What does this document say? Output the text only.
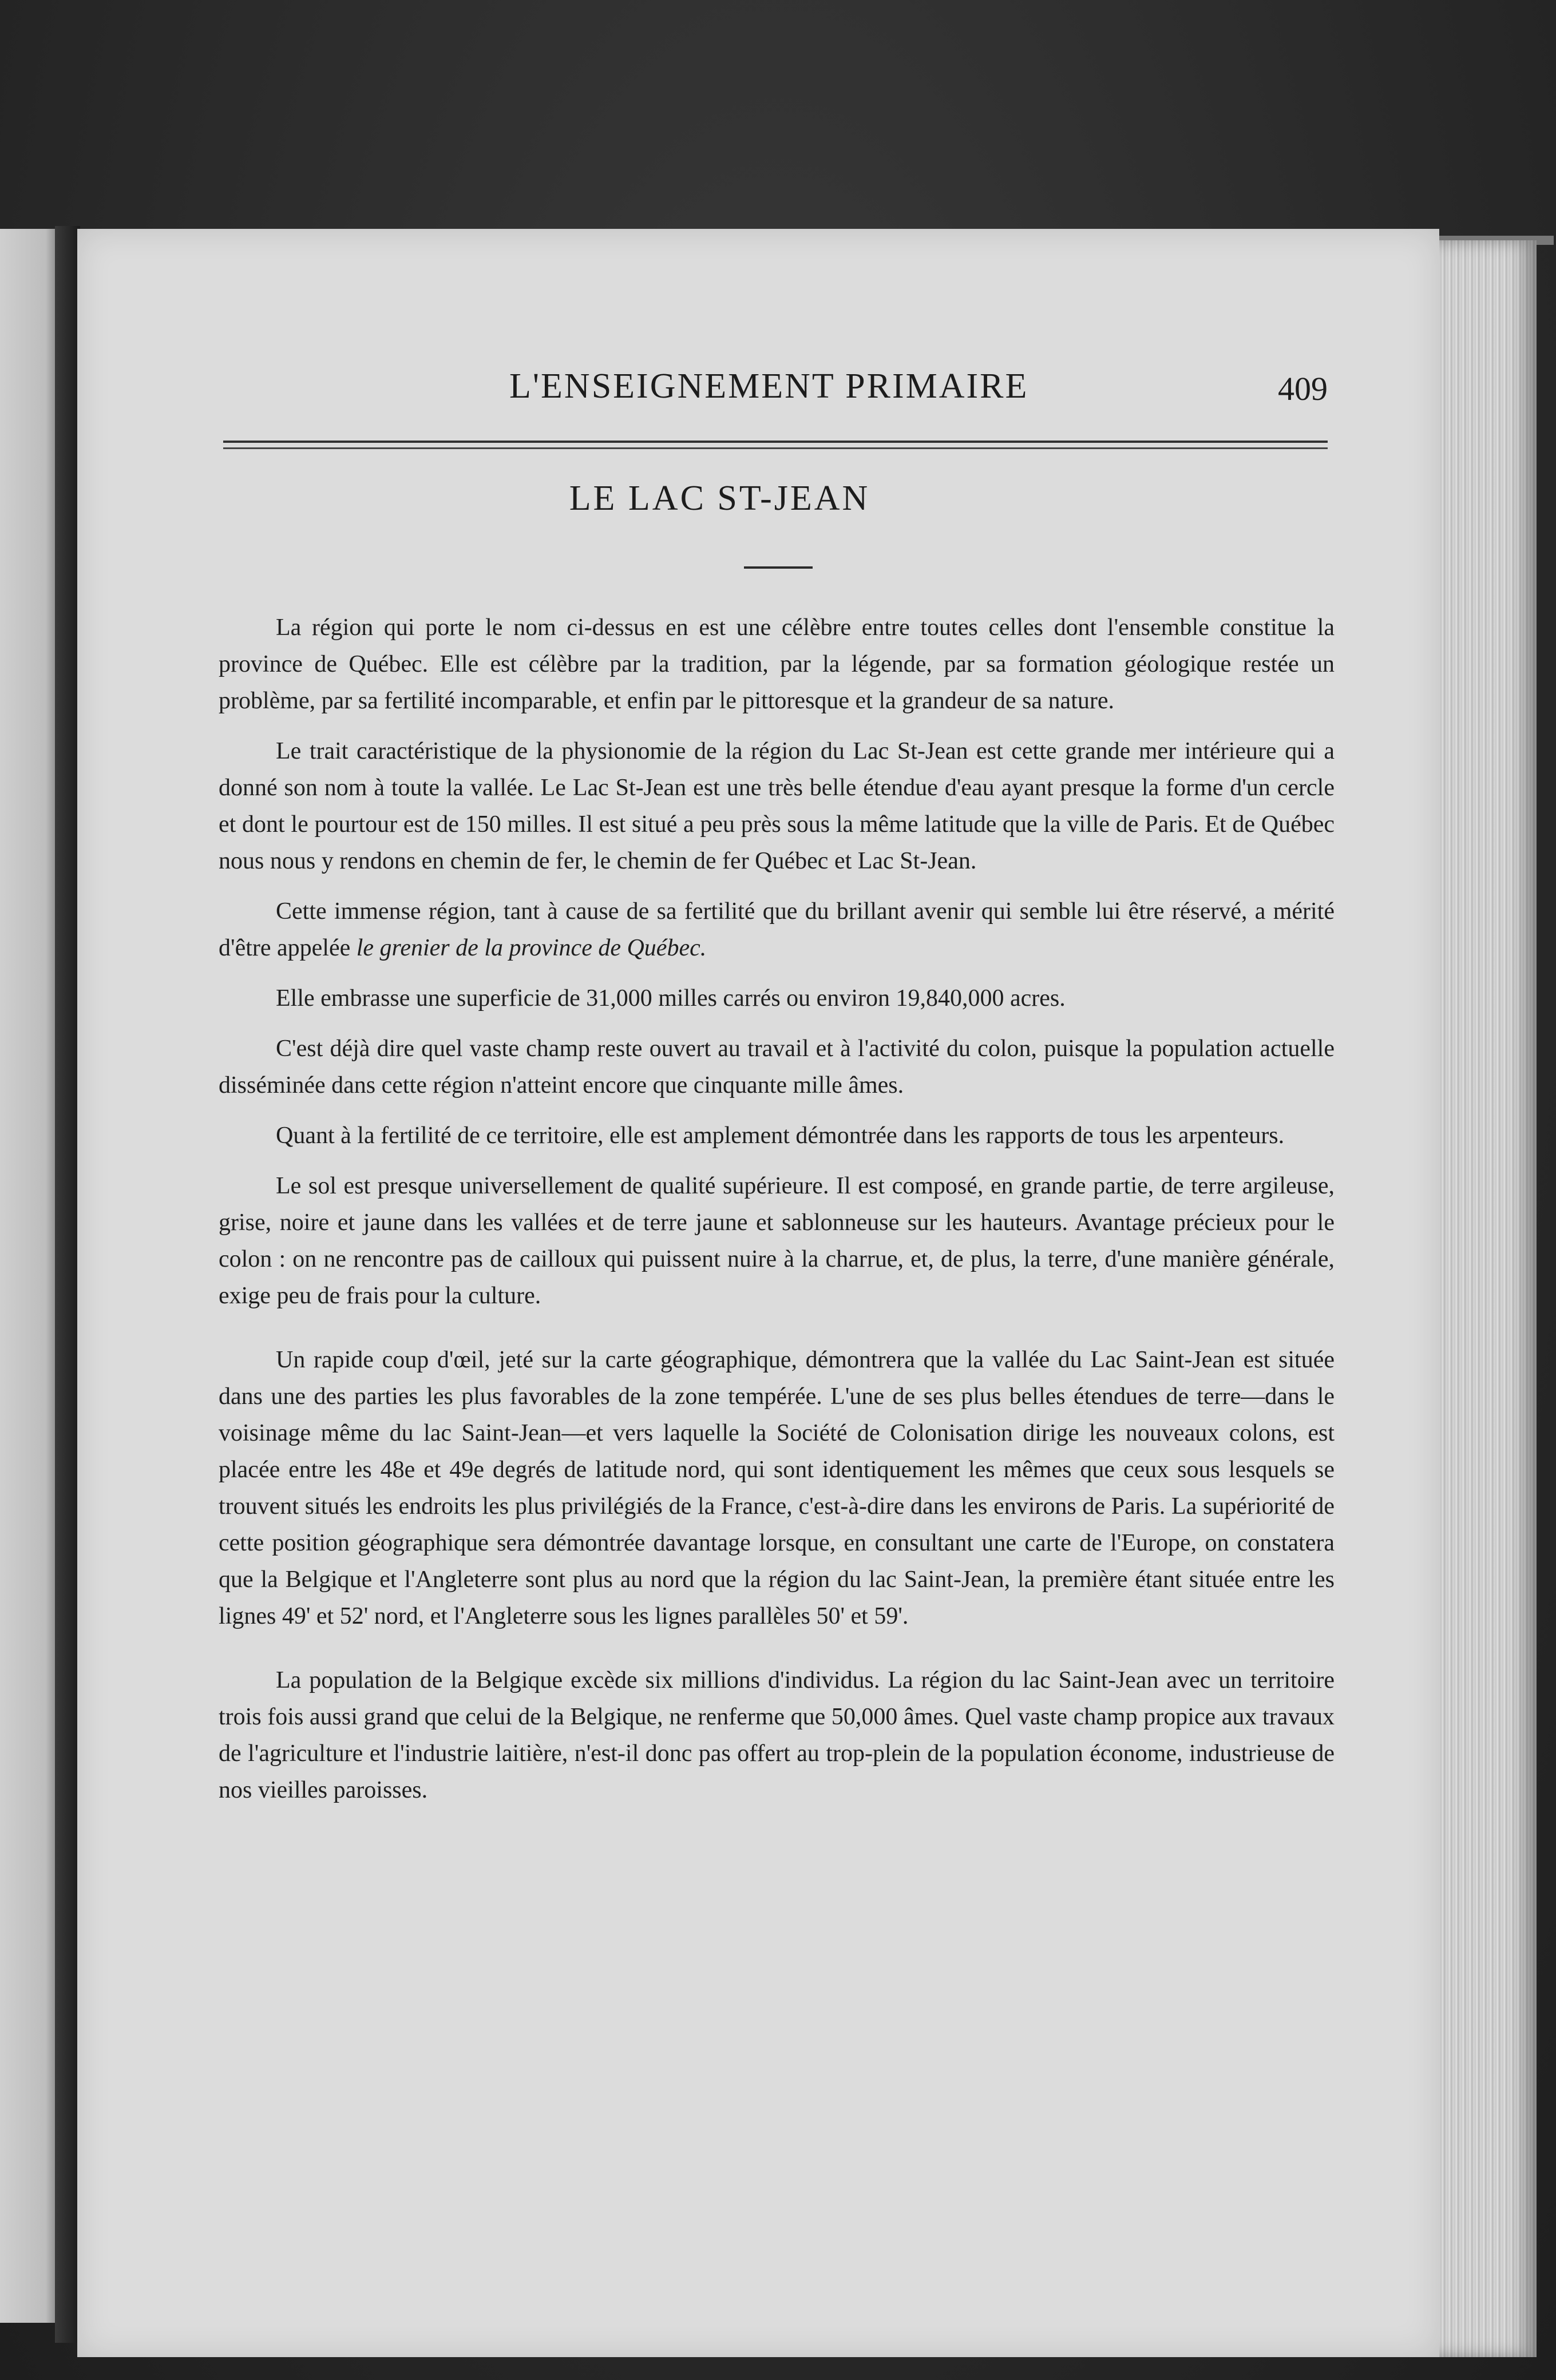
L'ENSEIGNEMENT PRIMAIRE	409
LE LAC ST-JEAN

La région qui porte le nom ci-dessus en est une célèbre entre toutes celles dont l'ensemble constitue la province de Québec. Elle est célèbre par la tradition, par la légende, par sa formation géologique restée un problème, par sa fertilité incomparable, et enfin par le pittoresque et la grandeur de sa nature.

Le trait caractéristique de la physionomie de la région du Lac St-Jean est cette grande mer intérieure qui a donné son nom à toute la vallée. Le Lac St-Jean est une très belle étendue d'eau ayant presque la forme d'un cercle et dont le pourtour est de 150 milles. Il est situé a peu près sous la même latitude que la ville de Paris. Et de Québec nous nous y rendons en chemin de fer, le chemin de fer Québec et Lac St-Jean.

Cette immense région, tant à cause de sa fertilité que du brillant avenir qui semble lui être réservé, a mérité d'être appelée le grenier de la province de Québec.

Elle embrasse une superficie de 31,000 milles carrés ou environ 19,840,000 acres.

C'est déjà dire quel vaste champ reste ouvert au travail et à l'activité du colon, puisque la population actuelle disséminée dans cette région n'atteint encore que cinquante mille âmes.

Quant à la fertilité de ce territoire, elle est amplement démontrée dans les rapports de tous les arpenteurs.

Le sol est presque universellement de qualité supérieure. Il est composé, en grande partie, de terre argileuse, grise, noire et jaune dans les vallées et de terre jaune et sablonneuse sur les hauteurs. Avantage précieux pour le colon : on ne rencontre pas de cailloux qui puissent nuire à la charrue, et, de plus, la terre, d'une manière générale, exige peu de frais pour la culture.

Un rapide coup d'œil, jeté sur la carte géographique, démontrera que la vallée du Lac Saint-Jean est située dans une des parties les plus favorables de la zone tempérée. L'une de ses plus belles étendues de terre—dans le voisinage même du lac Saint-Jean—et vers laquelle la Société de Colonisation dirige les nouveaux colons, est placée entre les 48e et 49e degrés de latitude nord, qui sont identiquement les mêmes que ceux sous lesquels se trouvent situés les endroits les plus privilégiés de la France, c'est-à-dire dans les environs de Paris. La supériorité de cette position géographique sera démontrée davantage lorsque, en consultant une carte de l'Europe, on constatera que la Belgique et l'Angleterre sont plus au nord que la région du lac Saint-Jean, la première étant située entre les lignes 49' et 52' nord, et l'Angleterre sous les lignes parallèles 50' et 59'.

La population de la Belgique excède six millions d'individus. La région du lac Saint-Jean avec un territoire trois fois aussi grand que celui de la Belgique, ne renferme que 50,000 âmes. Quel vaste champ propice aux travaux de l'agriculture et l'industrie laitière, n'est-il donc pas offert au trop-plein de la population économe, industrieuse de nos vieilles paroisses.
